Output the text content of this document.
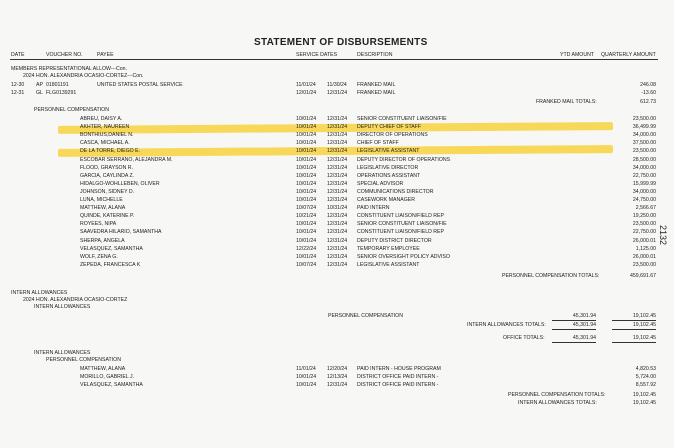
STATEMENT OF DISBURSEMENTS
DATE	VOUCHER NO.	PAYEE	SERVICE DATES	DESCRIPTION	YTD AMOUNT QUARTERLY AMOUNT
MEMBERS REPRESENTATIONAL ALLOW---Con.
2024 HON. ALEXANDRIA OCASIO-CORTEZ---Con.
12-30 AP 01801191	UNITED STATES POSTAL SERVICE	11/01/24 11/30/24 FRANKED MAIL	246.08
12-31 GL FLG0139291	12/01/24 12/31/24 FRANKED MAIL	-13.60
FRANKED MAIL TOTALS:	612.73
PERSONNEL COMPENSATION
ABREU, DAISY A.	10/01/24 12/31/24 SENIOR CONSTITUENT LIAISON/FIE	23,500.00
AKHTER, NAUREEN	10/01/24 12/31/24 DEPUTY CHIEF OF STAFF	36,499.99
BONTHIUS,DANIEL N.	10/01/24 12/31/24 DIRECTOR OF OPERATIONS	34,000.00
CASCA, MICHAEL A.	10/01/24 12/31/24 CHIEF OF STAFF	37,500.00
DE LA TORRE, DIEGO E.	10/01/24 12/31/24 LEGISLATIVE ASSISTANT	23,500.00
ESCOBAR SERRANO, ALEJANDRA M.	10/01/24 12/31/24 DEPUTY DIRECTOR OF OPERATIONS	28,500.00
FLOOD, GRAYSON R.	10/01/24 12/31/24 LEGISLATIVE DIRECTOR	34,000.00
GARCIA, CAYLINDA Z.	10/01/24 12/31/24 OPERATIONS ASSISTANT	22,750.00
HIDALGO-WOHLLEBEN, OLIVER	10/01/24 12/31/24 SPECIAL ADVISOR	15,999.99
JOHNSON, SIDNEY D.	10/01/24 12/31/24 COMMUNICATIONS DIRECTOR	34,000.00
LUNA, MICHELLE	10/01/24 12/31/24 CASEWORK MANAGER	24,750.00
MATTHEW, ALANA	10/07/24 10/31/24 PAID INTERN	2,566.67
QUINDE, KATERINE P.	10/21/24 12/31/24 CONSTITUENT LIAISON/FIELD REP	19,250.00
ROYEES, NIPA	10/01/24 12/31/24 SENIOR CONSTITUENT LIAISON/FIE	23,500.00
SAAVEDRA HILARIO, SAMANTHA	10/01/24 12/31/24 CONSTITUENT LIAISON/FIELD REP	22,750.00
SHERPA, ANGELA	10/01/24 12/31/24 DEPUTY DISTRICT DIRECTOR	26,000.01
VELASQUEZ, SAMANTHA	12/22/24 12/31/24 TEMPORARY EMPLOYEE	1,125.00
WOLF, ZENA G.	10/01/24 12/31/24 SENIOR OVERSIGHT POLICY ADVISO	26,000.01
ZEPEDA, FRANCESCA K	10/07/24 12/31/24 LEGISLATIVE ASSISTANT	23,500.00
PERSONNEL COMPENSATION TOTALS:	459,691.67
INTERN ALLOWANCES
2024 HON. ALEXANDRIA OCASIO-CORTEZ
INTERN ALLOWANCES
PERSONNEL COMPENSATION	45,301.94	19,102.45
INTERN ALLOWANCES TOTALS:	45,301.94	19,102.45
OFFICE TOTALS:	45,301.94	19,102.45
INTERN ALLOWANCES
PERSONNEL COMPENSATION
MATTHEW, ALANA	11/01/24 12/20/24 PAID INTERN - HOUSE PROGRAM	4,820.53
MORILLO, GABRIEL J.	10/01/24 12/13/24 DISTRICT OFFICE PAID INTERN -	5,724.00
VELASQUEZ, SAMANTHA	10/01/24 12/31/24 DISTRICT OFFICE PAID INTERN -	8,557.92
PERSONNEL COMPENSATION TOTALS:	19,102.45
INTERN ALLOWANCES TOTALS:	19,102.45
2132
